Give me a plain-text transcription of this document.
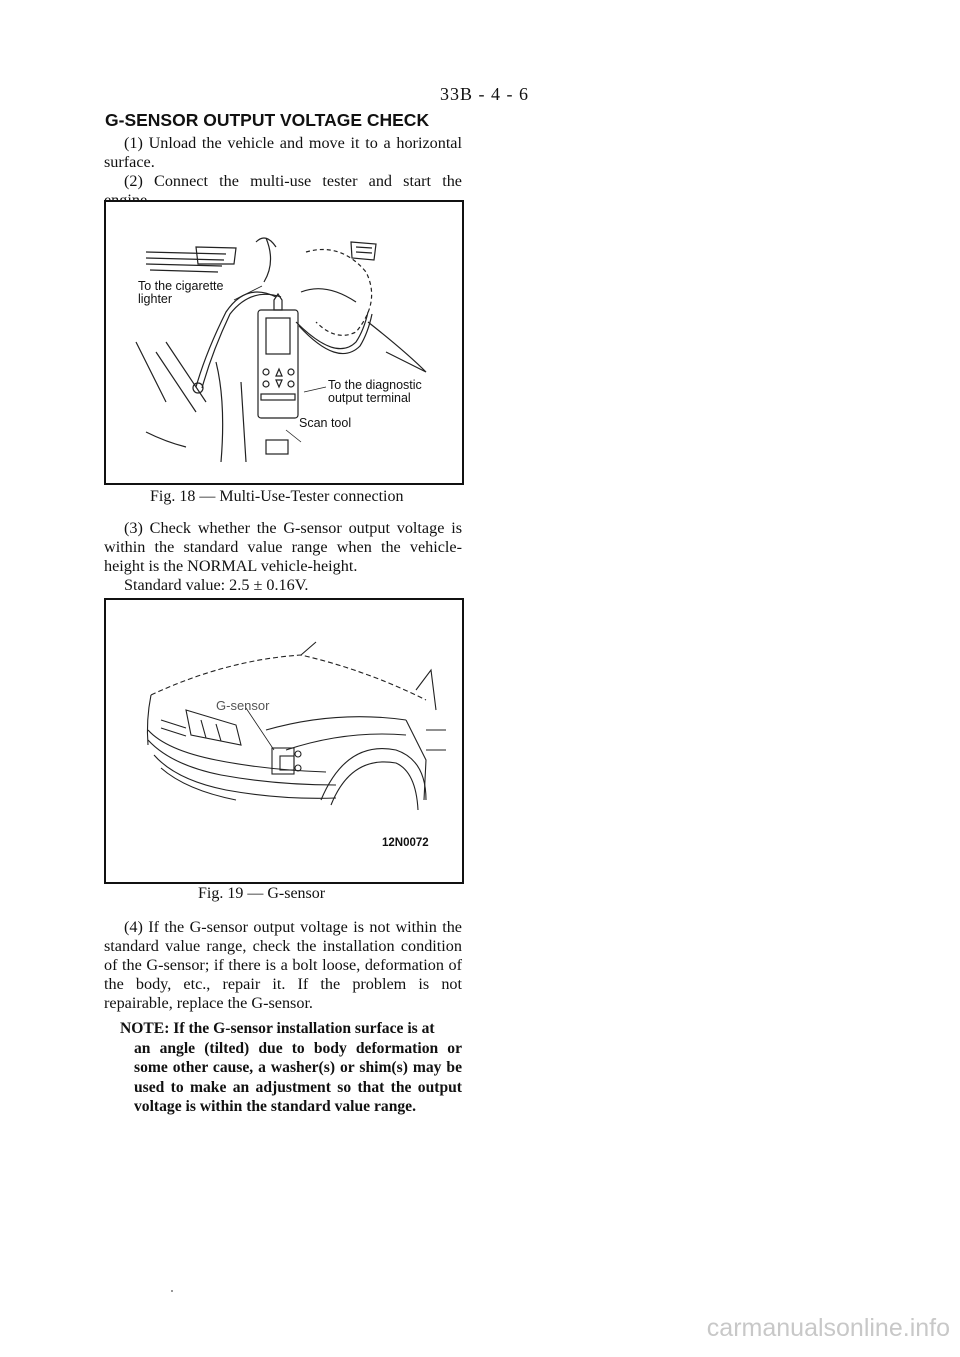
33B - 4 - 6
G-SENSOR OUTPUT VOLTAGE CHECK
(1) Unload the vehicle and move it to a horizontal surface.
(2) Connect the multi-use tester and start the
To the cigarette
lighter
To the diagnostic
output terminal
Scan tool
Fig. 18 — Multi-Use-Tester connection
(3) Check whether the G-sensor output voltage is within the standard value range when the vehicle-height is the NORMAL vehicle-height.
Standard value: 2.5 ± 0.16V.
G-sensor
12N0072
Fig. 19 — G-sensor
(4) If the G-sensor output voltage is not within the standard value range, check the installation condition of the G-sensor; if there is a bolt loose, deformation of the body, etc., repair it. If the problem is not repairable, replace the G-sensor.
NOTE: If the G-sensor installation surface is at
an angle (tilted) due to body deformation or some other cause, a washer(s) or shim(s) may be used to make an adjustment so that the output voltage is within the standard value range.
carmanualsonline.info
